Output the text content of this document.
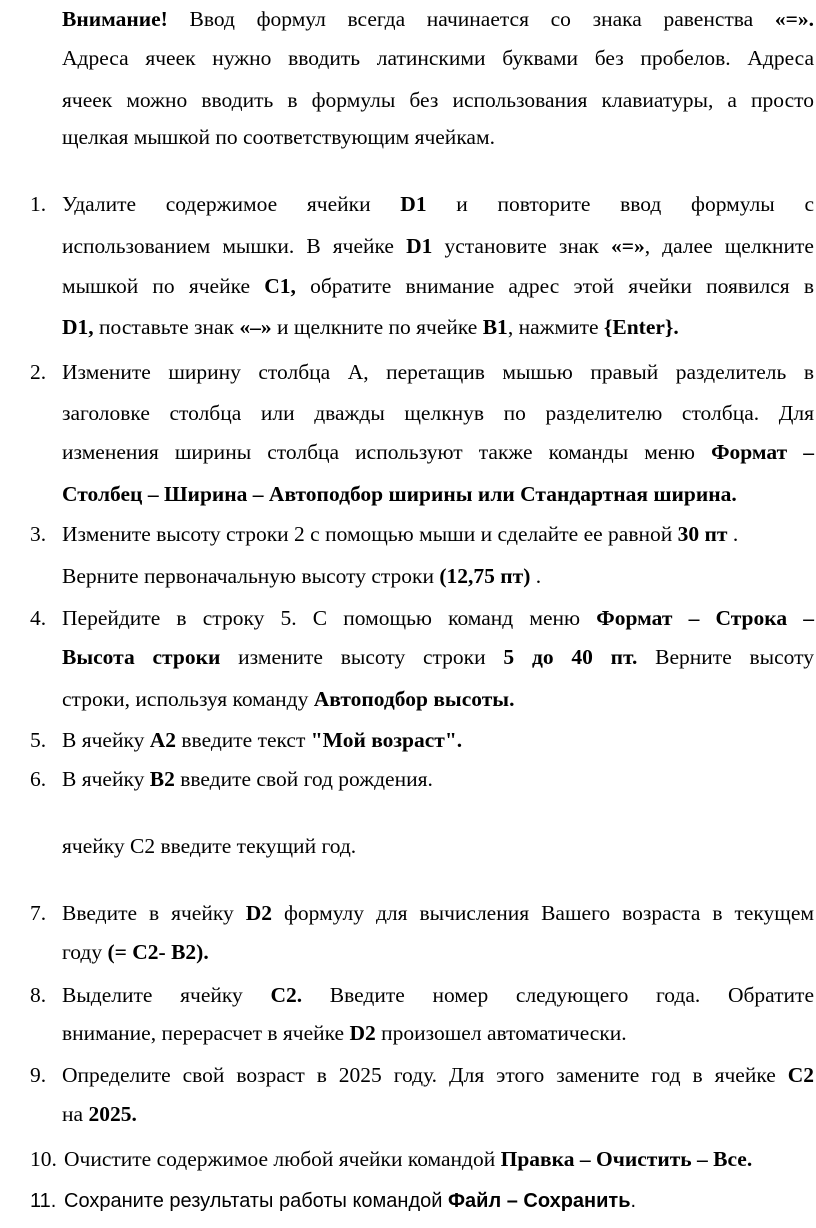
Внимание! Ввод формул всегда начинается со знака равенства «=».
Адреса ячеек нужно вводить латинскими буквами без пробелов. Адреса
ячеек можно вводить в формулы без использования клавиатуры, а просто
щелкая мышкой по соответствующим ячейкам.
1. Удалите содержимое ячейки D1 и повторите ввод формулы с
использованием мышки. В ячейке D1 установите знак «=», далее щелкните
мышкой по ячейке C1, обратите внимание адрес этой ячейки появился в
D1, поставьте знак «–» и щелкните по ячейке B1, нажмите {Enter}.
2. Измените ширину столбца А, перетащив мышью правый разделитель в
заголовке столбца или дважды щелкнув по разделителю столбца. Для
изменения ширины столбца используют также команды меню Формат –
Столбец – Ширина – Автоподбор ширины или Стандартная ширина.
3. Измените высоту строки 2 с помощью мыши и сделайте ее равной 30 пт .
Верните первоначальную высоту строки (12,75 пт) .
4. Перейдите в строку 5. С помощью команд меню Формат – Строка –
Высота строки измените высоту строки 5 до 40 пт. Верните высоту
строки, используя команду Автоподбор высоты.
5. В ячейку A2 введите текст "Мой возраст".
6. В ячейку B2 введите свой год рождения.
ячейку С2 введите текущий год.
7. Введите в ячейку D2 формулу для вычисления Вашего возраста в текущем
году (= C2- B2).
8. Выделите ячейку C2. Введите номер следующего года. Обратите
внимание, перерасчет в ячейке D2 произошел автоматически.
9. Определите свой возраст в 2025 году. Для этого замените год в ячейке C2
на 2025.
10. Очистите содержимое любой ячейки командой Правка – Очистить – Все.
11. Сохраните результаты работы командой Файл – Сохранить.
